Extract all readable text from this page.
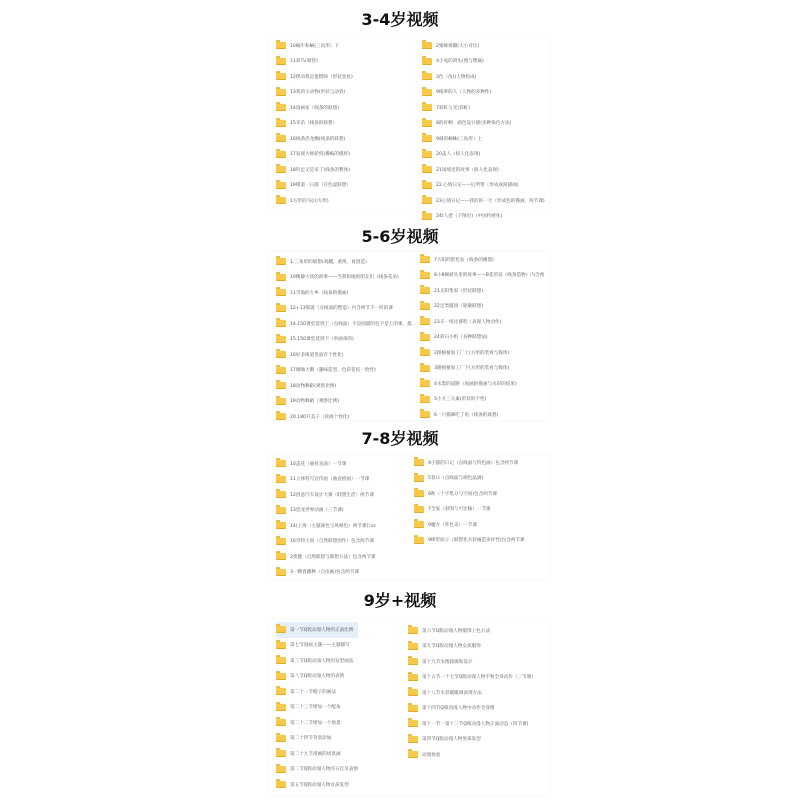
3-4岁视频
10蜗牛和蜗(三角形）下
11彩鸟(吸管)
12摆动我是蛋糕师（形状金鱼)
13我的小动物(形状与动效)
14漫画家（线条的联想）
15禾苗（线条的联想）
16线条恐龙飘(线条的联想)
17发现大师轮机(操编的模样)
18钓足又是来了(线条的整体)
19稍童一日游（开色虚联想）
1方形的马(山方形)
2蜜蜂排脚(大小对比)
4小兔的窝头(图与镂属)
3色（改)(人物构成)
9梅萝的人（人物的多种性)
7彩虹与光(彩虹)
8的好啊：颜色设计感(多种染色方法)
9颜的蜗蛛(三角形）上
20盖人（拟人化表现)
21国境里的故事（拟人化表现)
22.心情日记——后所带（形成成简描画)
23心情日记——我的的一天（形成色的描画，两节课)
24(人瓷（下图层)（中国传统化)
5-6岁视频
1.三角形的联想(鸡翻，重组，再创造）
10精静大侠的故事——当我和地的朋友们（线条花朵)
11雪地的大乡（线条的描画)
12+13那就（点线面的塑造）内含两节不一样的课
14.150课堂延到上（点线面）不是圆溜的包不是上的课，最...
15.150课堂延到下（举画弟的)
16好多街道里面有个性化)
17爆嗨大鹅（趣味造型，色彩花纹一致性)
18动物舞蹈(观察比例)
19动物舞蹈（观察比例)
20.180只美子（读画个性化)
7大阳的影色发（线条的幽悠)
8小8额颜头里的故事——B花的发（线条造物）内含两
21太阳集家（形状联想)
22足类厦园（轮廓联想)
23辛一场比赛吧（表现人物动作)
24彩石小组（多种联想法)
2跟植植加工厂上(方形的装看与媒体)
3跟植植加工厂下(方形的装看与媒体)
4水墨的道路（国画的描画与水彩的结果)
5小丑三元素(形状的个性)
6一只猫咪吃了鱼（线条的联想)
7-8岁视频
10盖花（曲折直面）一节课
11立体特写宣传画（曲直绘画）一节课
12创意汽车设计大赛（联想生活）两节课
13恐龙世界动画（三节课)
14(上海（主题颜色与风格色）两节课行sc
16奇特王国（自然联想创作）包含两节课
2奥健（自然联想与联想方法）包含两节课
3一颗春播种（自由画)包含两节课
4小猫的日记（点线面与特色画）包含两节课
5春日（点线面与颜色晶满)
6秋（十字集分与空间)包含两节课
7全家（彩图与可比喻）一节课
9魔方（外色美）一节课
9梯形面子（联想化水彩画造多样性)包含两节课
9岁+视频
第一节Q版动漫人物的正面比例
第七节漫画主题——主题描写
第三节Q版动漫人物的发型画法
第八节Q版动漫人物的表情
第二十一节帽子的画法
第二十三节增加一个配角
第二十二节增加一个场景
第二十四节背景添加
第二十九节漫画的场景画
第二节Q版动漫人物的五官及表情
第五节Q版动漫人物女孩发型
第六节Q版动漫人物服饰上色方法
第九节Q版动漫人物女孩服饰
第十九节头像轮廓和设计
第十五节一十七节Q版动漫人物手和全身动作（三节课)
第十八节水彩暖暖调表现方法
第十四节Q版动漫人物中动作全身图
第十一节一第十三节Q版动漫人物正面动态（四节课)
第四节Q版动漫人物男孩发型
动漫体验
